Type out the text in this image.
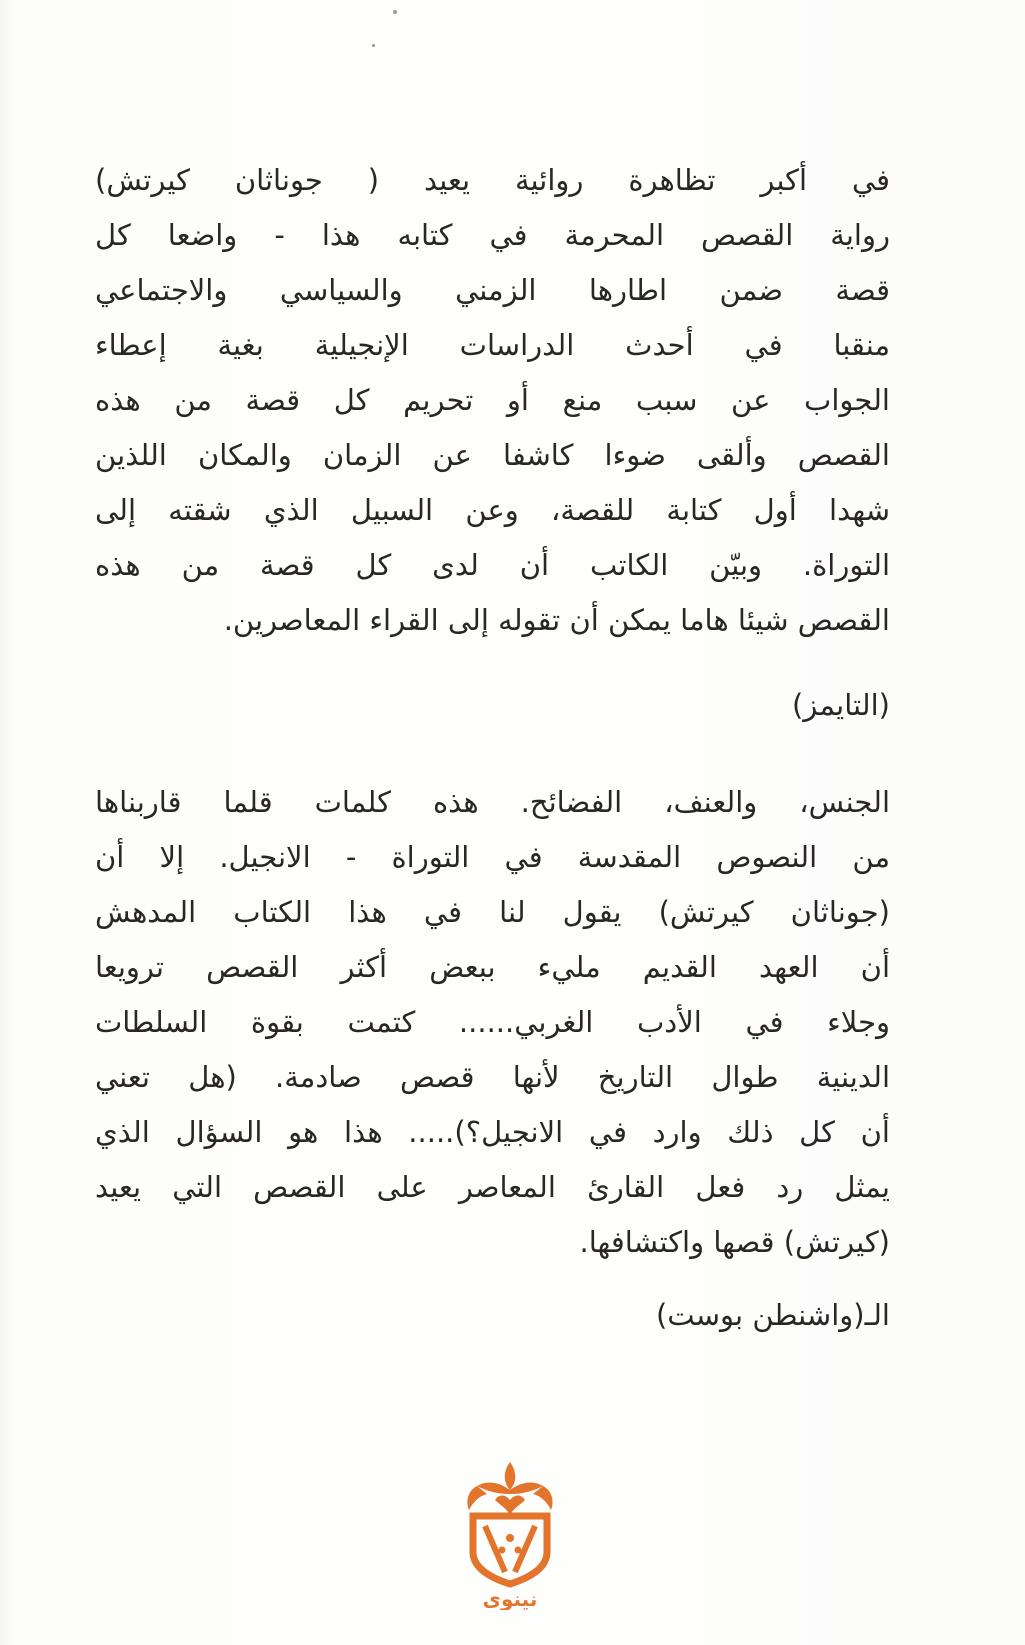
في أكبر تظاهرة روائية يعيد ( جوناثان كيرتش)
رواية القصص المحرمة في كتابه هذا - واضعا كل
قصة ضمن اطارها الزمني والسياسي والاجتماعي
منقبا في أحدث الدراسات الإنجيلية بغية إعطاء
الجواب عن سبب منع أو تحريم كل قصة من هذه
القصص وألقى ضوءا كاشفا عن الزمان والمكان اللذين
شهدا أول كتابة للقصة، وعن السبيل الذي شقته إلى
التوراة. وبيّن الكاتب أن لدى كل قصة من هذه
القصص شيئا هاما يمكن أن تقوله إلى القراء المعاصرين.
(التايمز)
الجنس، والعنف، الفضائح. هذه كلمات قلما قاربناها
من النصوص المقدسة في التوراة - الانجيل. إلا أن
(جوناثان كيرتش) يقول لنا في هذا الكتاب المدهش
أن العهد القديم مليء ببعض أكثر القصص ترويعا
وجلاء في الأدب الغربي...... كتمت بقوة السلطات
الدينية طوال التاريخ لأنها قصص صادمة. (هل تعني
أن كل ذلك وارد في الانجيل؟)..... هذا هو السؤال الذي
يمثل رد فعل القارئ المعاصر على القصص التي يعيد
(كيرتش) قصها واكتشافها.
الـ(واشنطن بوست)
نينوى
